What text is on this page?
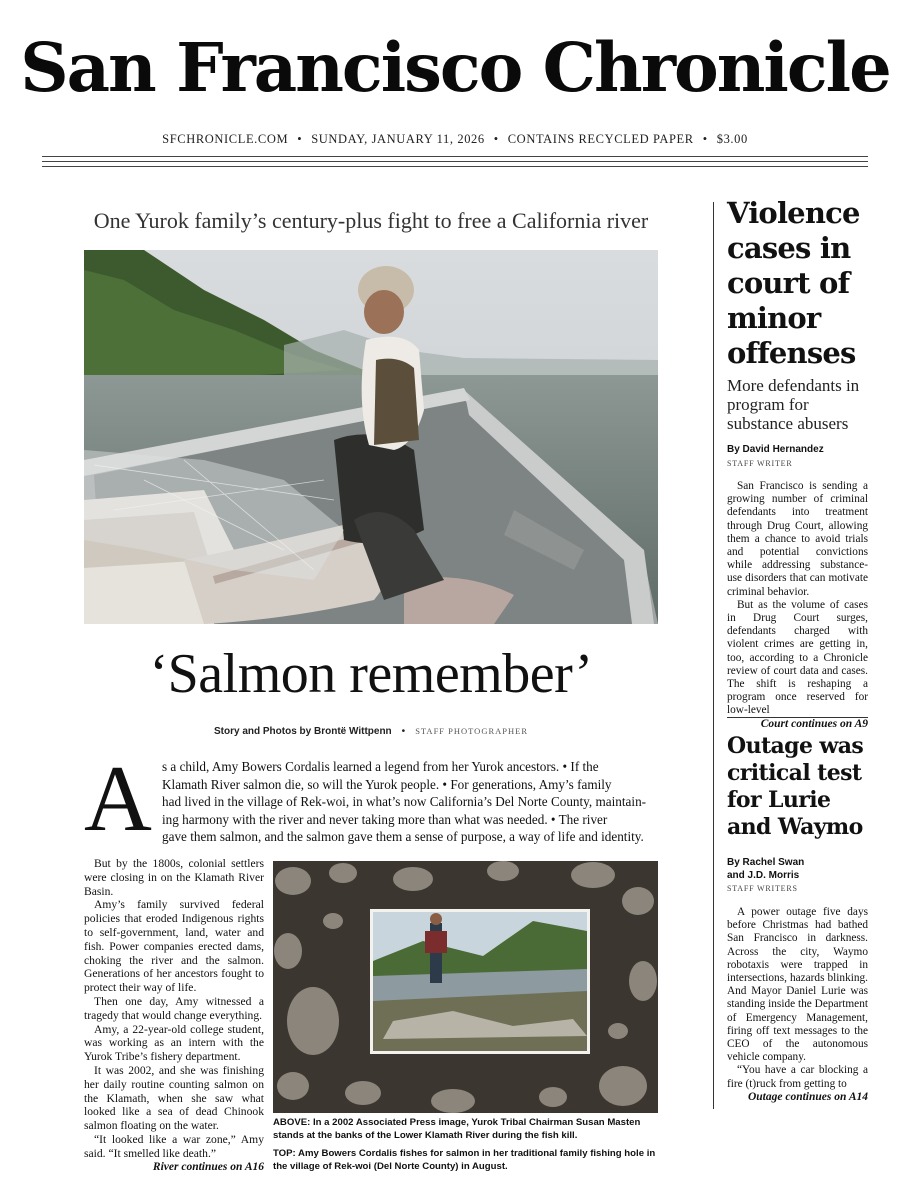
San Francisco Chronicle
SFCHRONICLE.COM • SUNDAY, JANUARY 11, 2026 • CONTAINS RECYCLED PAPER • $3.00
One Yurok family’s century-plus fight to free a California river
‘Salmon remember’
Story and Photos by Brontë Wittpenn • STAFF PHOTOGRAPHER
A s a child, Amy Bowers Cordalis learned a legend from her Yurok ancestors. • If the
Klamath River salmon die, so will the Yurok people. • For generations, Amy’s family
had lived in the village of Rek-woi, in what’s now California’s Del Norte County, maintain-
ing harmony with the river and never taking more than what was needed. • The river
gave them salmon, and the salmon gave them a sense of purpose, a way of life and identity.

But by the 1800s, colonial settlers were closing in on the Klamath River Basin.

Amy’s family survived federal policies that eroded Indigenous rights to self-government, land, water and fish. Power companies erected dams, choking the river and the salmon. Generations of her ancestors fought to protect their way of life.

Then one day, Amy witnessed a tragedy that would change everything.

Amy, a 22-year-old college student, was working as an intern with the Yurok Tribe’s fishery department.

It was 2002, and she was finishing her daily routine counting salmon on the Klamath, when she saw what looked like a sea of dead Chinook salmon floating on the water.

“It looked like a war zone,” Amy said. “It smelled like death.”

River continues on A16

ABOVE: In a 2002 Associated Press image, Yurok Tribal Chairman Susan Masten stands at the banks of the Lower Klamath River during the fish kill.

TOP: Amy Bowers Cordalis fishes for salmon in her traditional family fishing hole in the village of Rek-woi (Del Norte County) in August.

Violence cases in court of minor offenses
More defendants in program for substance abusers
By David Hernandez
STAFF WRITER

San Francisco is sending a growing number of criminal defendants into treatment through Drug Court, allowing them a chance to avoid trials and potential convictions while addressing substance-use disorders that can motivate criminal behavior.

But as the volume of cases in Drug Court surges, defendants charged with violent crimes are getting in, too, according to a Chronicle review of court data and cases. The shift is reshaping a program once reserved for low-level

Court continues on A9
Outage was critical test for Lurie and Waymo
By Rachel Swan
and J.D. Morris
STAFF WRITERS

A power outage five days before Christmas had bathed San Francisco in darkness. Across the city, Waymo robotaxis were trapped in intersections, hazards blinking. And Mayor Daniel Lurie was standing inside the Department of Emergency Management, firing off text messages to the CEO of the autonomous vehicle company.

“You have a car blocking a fire (t)ruck from getting to

Outage continues on A14
